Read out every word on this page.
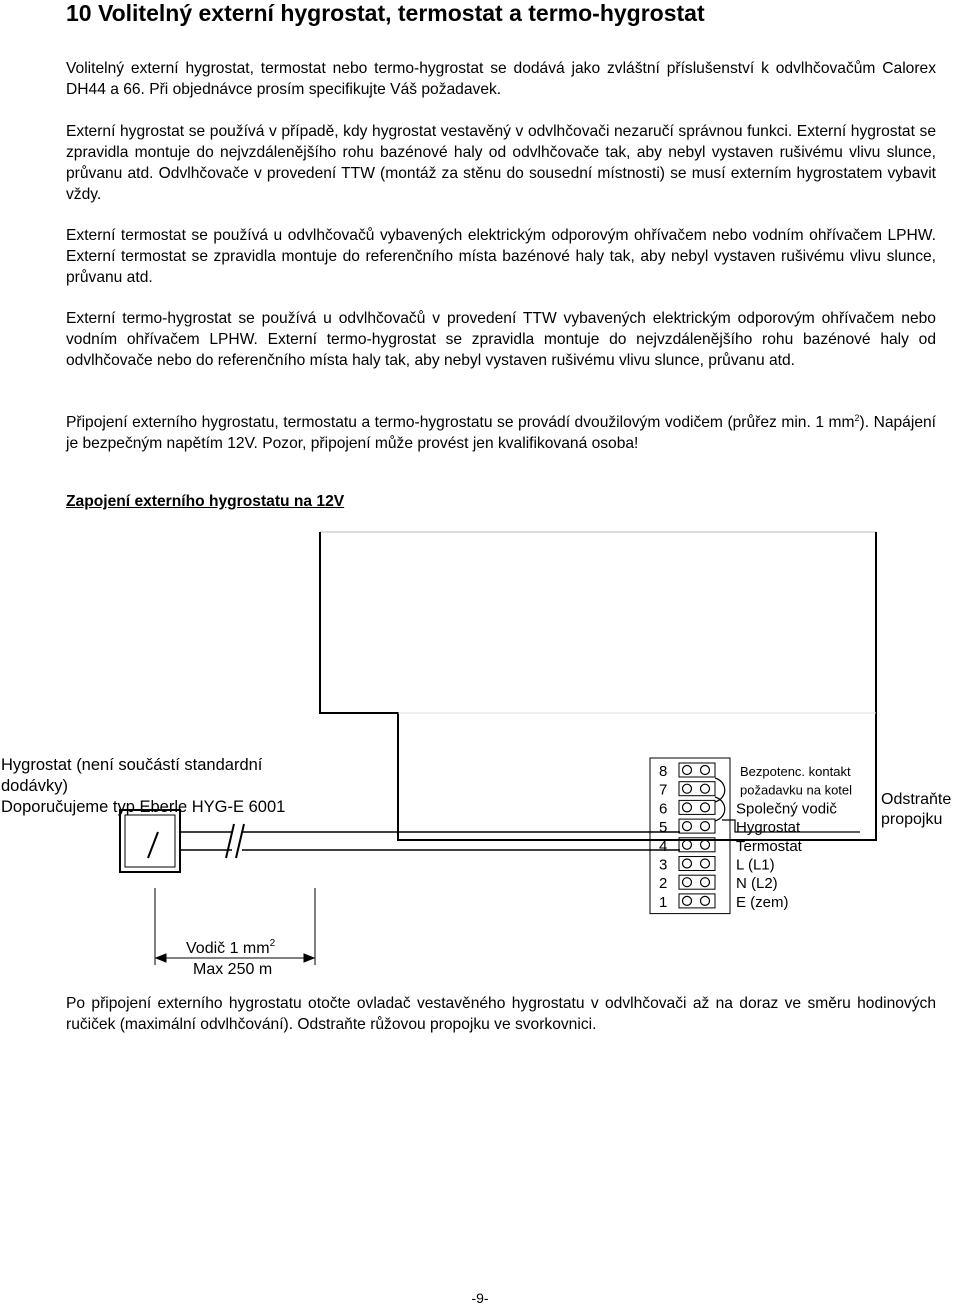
10 Volitelný externí hygrostat, termostat a termo-hygrostat

Volitelný externí hygrostat, termostat nebo termo-hygrostat se dodává jako zvláštní příslušenství k odvlhčovačům Calorex DH44 a 66. Při objednávce prosím specifikujte Váš požadavek.

Externí hygrostat se používá v případě, kdy hygrostat vestavěný v odvlhčovači nezaručí správnou funkci. Externí hygrostat se zpravidla montuje do nejvzdálenějšího rohu bazénové haly od odvlhčovače tak, aby nebyl vystaven rušivému vlivu slunce, průvanu atd. Odvlhčovače v provedení TTW (montáž za stěnu do sousední místnosti) se musí externím hygrostatem vybavit vždy.

Externí termostat se používá u odvlhčovačů vybavených elektrickým odporovým ohřívačem nebo vodním ohřívačem LPHW. Externí termostat se zpravidla montuje do referenčního místa bazénové haly tak, aby nebyl vystaven rušivému vlivu slunce, průvanu atd.

Externí termo-hygrostat se používá u odvlhčovačů v provedení TTW vybavených elektrickým odporovým ohřívačem nebo vodním ohřívačem LPHW. Externí termo-hygrostat se zpravidla montuje do nejvzdálenějšího rohu bazénové haly od odvlhčovače nebo do referenčního místa haly tak, aby nebyl vystaven rušivému vlivu slunce, průvanu atd.

Připojení externího hygrostatu, termostatu a termo-hygrostatu se provádí dvoužilovým vodičem (průřez min. 1 $mm^2$). Napájení je bezpečným napětím 12V. Pozor, připojení může provést jen kvalifikovaná osoba!

Zapojení externího hygrostatu na 12V
8	Bezpotenc. kontakt
7	požadavku na kotel
6	Společný vodič
5	Hygrostat
4	Termostat
3	L (L1)
2	N (L2)
1	E (zem)
Hygrostat (není součástí standardní
dodávky)
Doporučujeme typ Eberle HYG-E 6001
Vodič 1 $mm^2$
Max 250 m
Odstraňte
propojku

Po připojení externího hygrostatu otočte ovladač vestavěného hygrostatu v odvlhčovači až na doraz ve směru hodinových ručiček (maximální odvlhčování). Odstraňte růžovou propojku ve svorkovnici.

-9-
